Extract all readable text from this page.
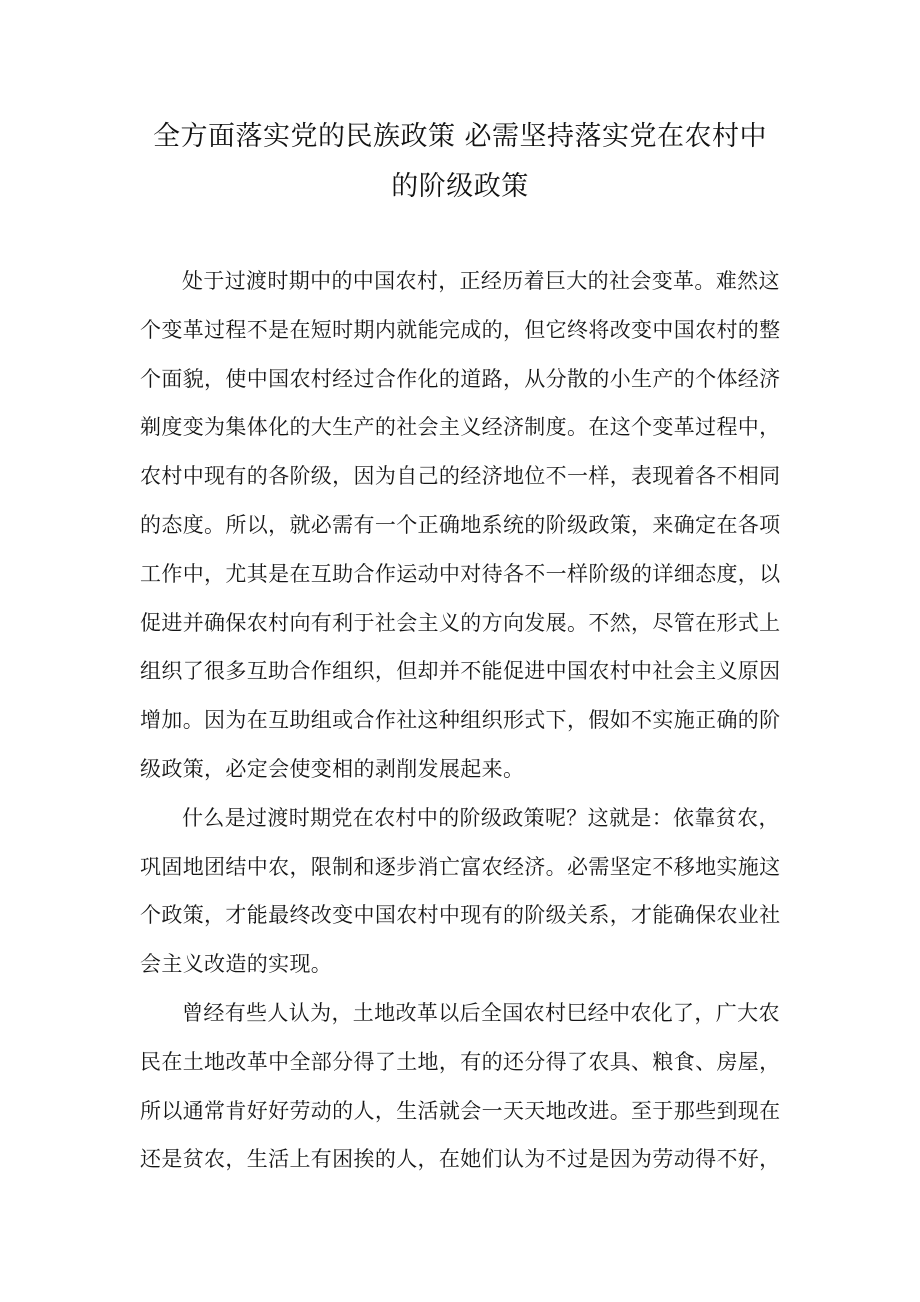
全方面落实党的民族政策 必需坚持落实党在农村中
的阶级政策

处于过渡时期中的中国农村，正经历着巨大的社会变革。难然这
个变革过程不是在短时期内就能完成的，但它终将改变中国农村的整
个面貌，使中国农村经过合作化的道路，从分散的小生产的个体经济
剃度变为集体化的大生产的社会主义经济制度。在这个变革过程中，
农村中现有的各阶级，因为自己的经济地位不一样，表现着各不相同
的态度。所以，就必需有一个正确地系统的阶级政策，来确定在各项
工作中，尤其是在互助合作运动中对待各不一样阶级的详细态度，以
促进并确保农村向有利于社会主义的方向发展。不然，尽管在形式上
组织了很多互助合作组织，但却并不能促进中国农村中社会主义原因
增加。因为在互助组或合作社这种组织形式下，假如不实施正确的阶
级政策，必定会使变相的剥削发展起来。

什么是过渡时期党在农村中的阶级政策呢？这就是：依靠贫农，
巩固地团结中农，限制和逐步消亡富农经济。必需坚定不移地实施这
个政策，才能最终改变中国农村中现有的阶级关系，才能确保农业社
会主义改造的实现。

曾经有些人认为，土地改革以后全国农村巳经中农化了，广大农
民在土地改革中全部分得了土地，有的还分得了农具、粮食、房屋，
所以通常肯好好劳动的人，生活就会一天天地改进。至于那些到现在
还是贫农，生活上有困挨的人，在她们认为不过是因为劳动得不好，
